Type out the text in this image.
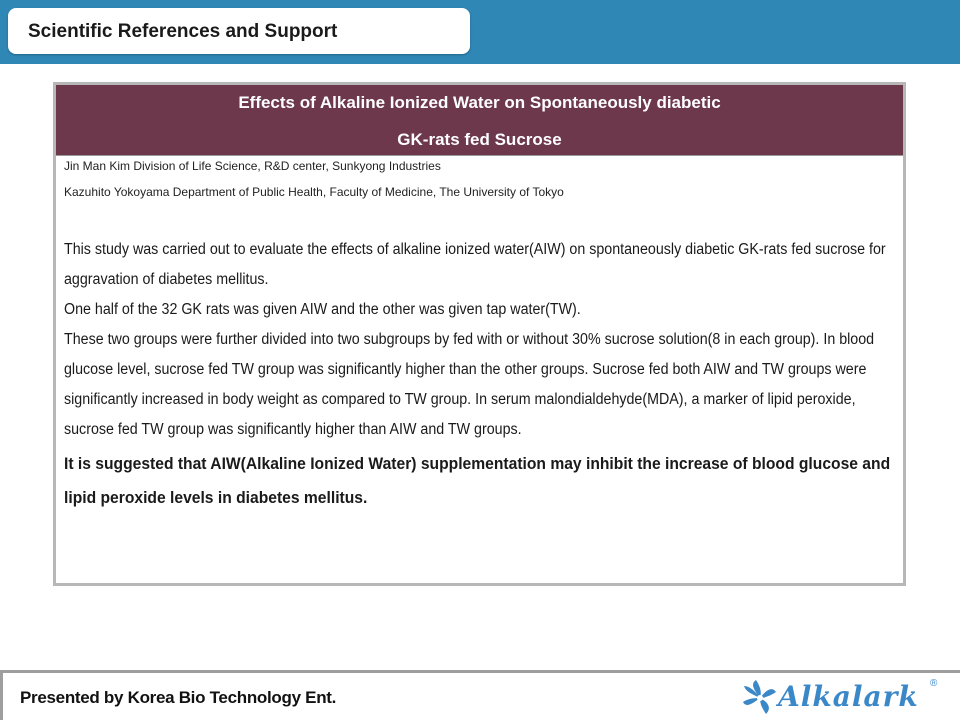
Scientific References and Support
Effects of Alkaline Ionized Water on Spontaneously diabetic
GK-rats fed Sucrose
Jin Man Kim Division of Life Science, R&D center, Sunkyong Industries
Kazuhito Yokoyama Department of Public Health, Faculty of Medicine, The University of Tokyo

This study was carried out to evaluate the effects of alkaline ionized water(AIW) on spontaneously diabetic GK-rats fed sucrose for aggravation of diabetes mellitus.

One half of the 32 GK rats was given AIW and the other was given tap water(TW).

These two groups were further divided into two subgroups by fed with or without 30% sucrose solution(8 in each group). In blood glucose level, sucrose fed TW group was significantly higher than the other groups. Sucrose fed both AIW and TW groups were significantly increased in body weight as compared to TW group. In serum malondialdehyde(MDA), a marker of lipid peroxide, sucrose fed TW group was significantly higher than AIW and TW groups.

It is suggested that AIW(Alkaline Ionized Water) supplementation may inhibit the increase of blood glucose and lipid peroxide levels in diabetes mellitus.

Presented by Korea Bio Technology Ent.	Alkalark ®
